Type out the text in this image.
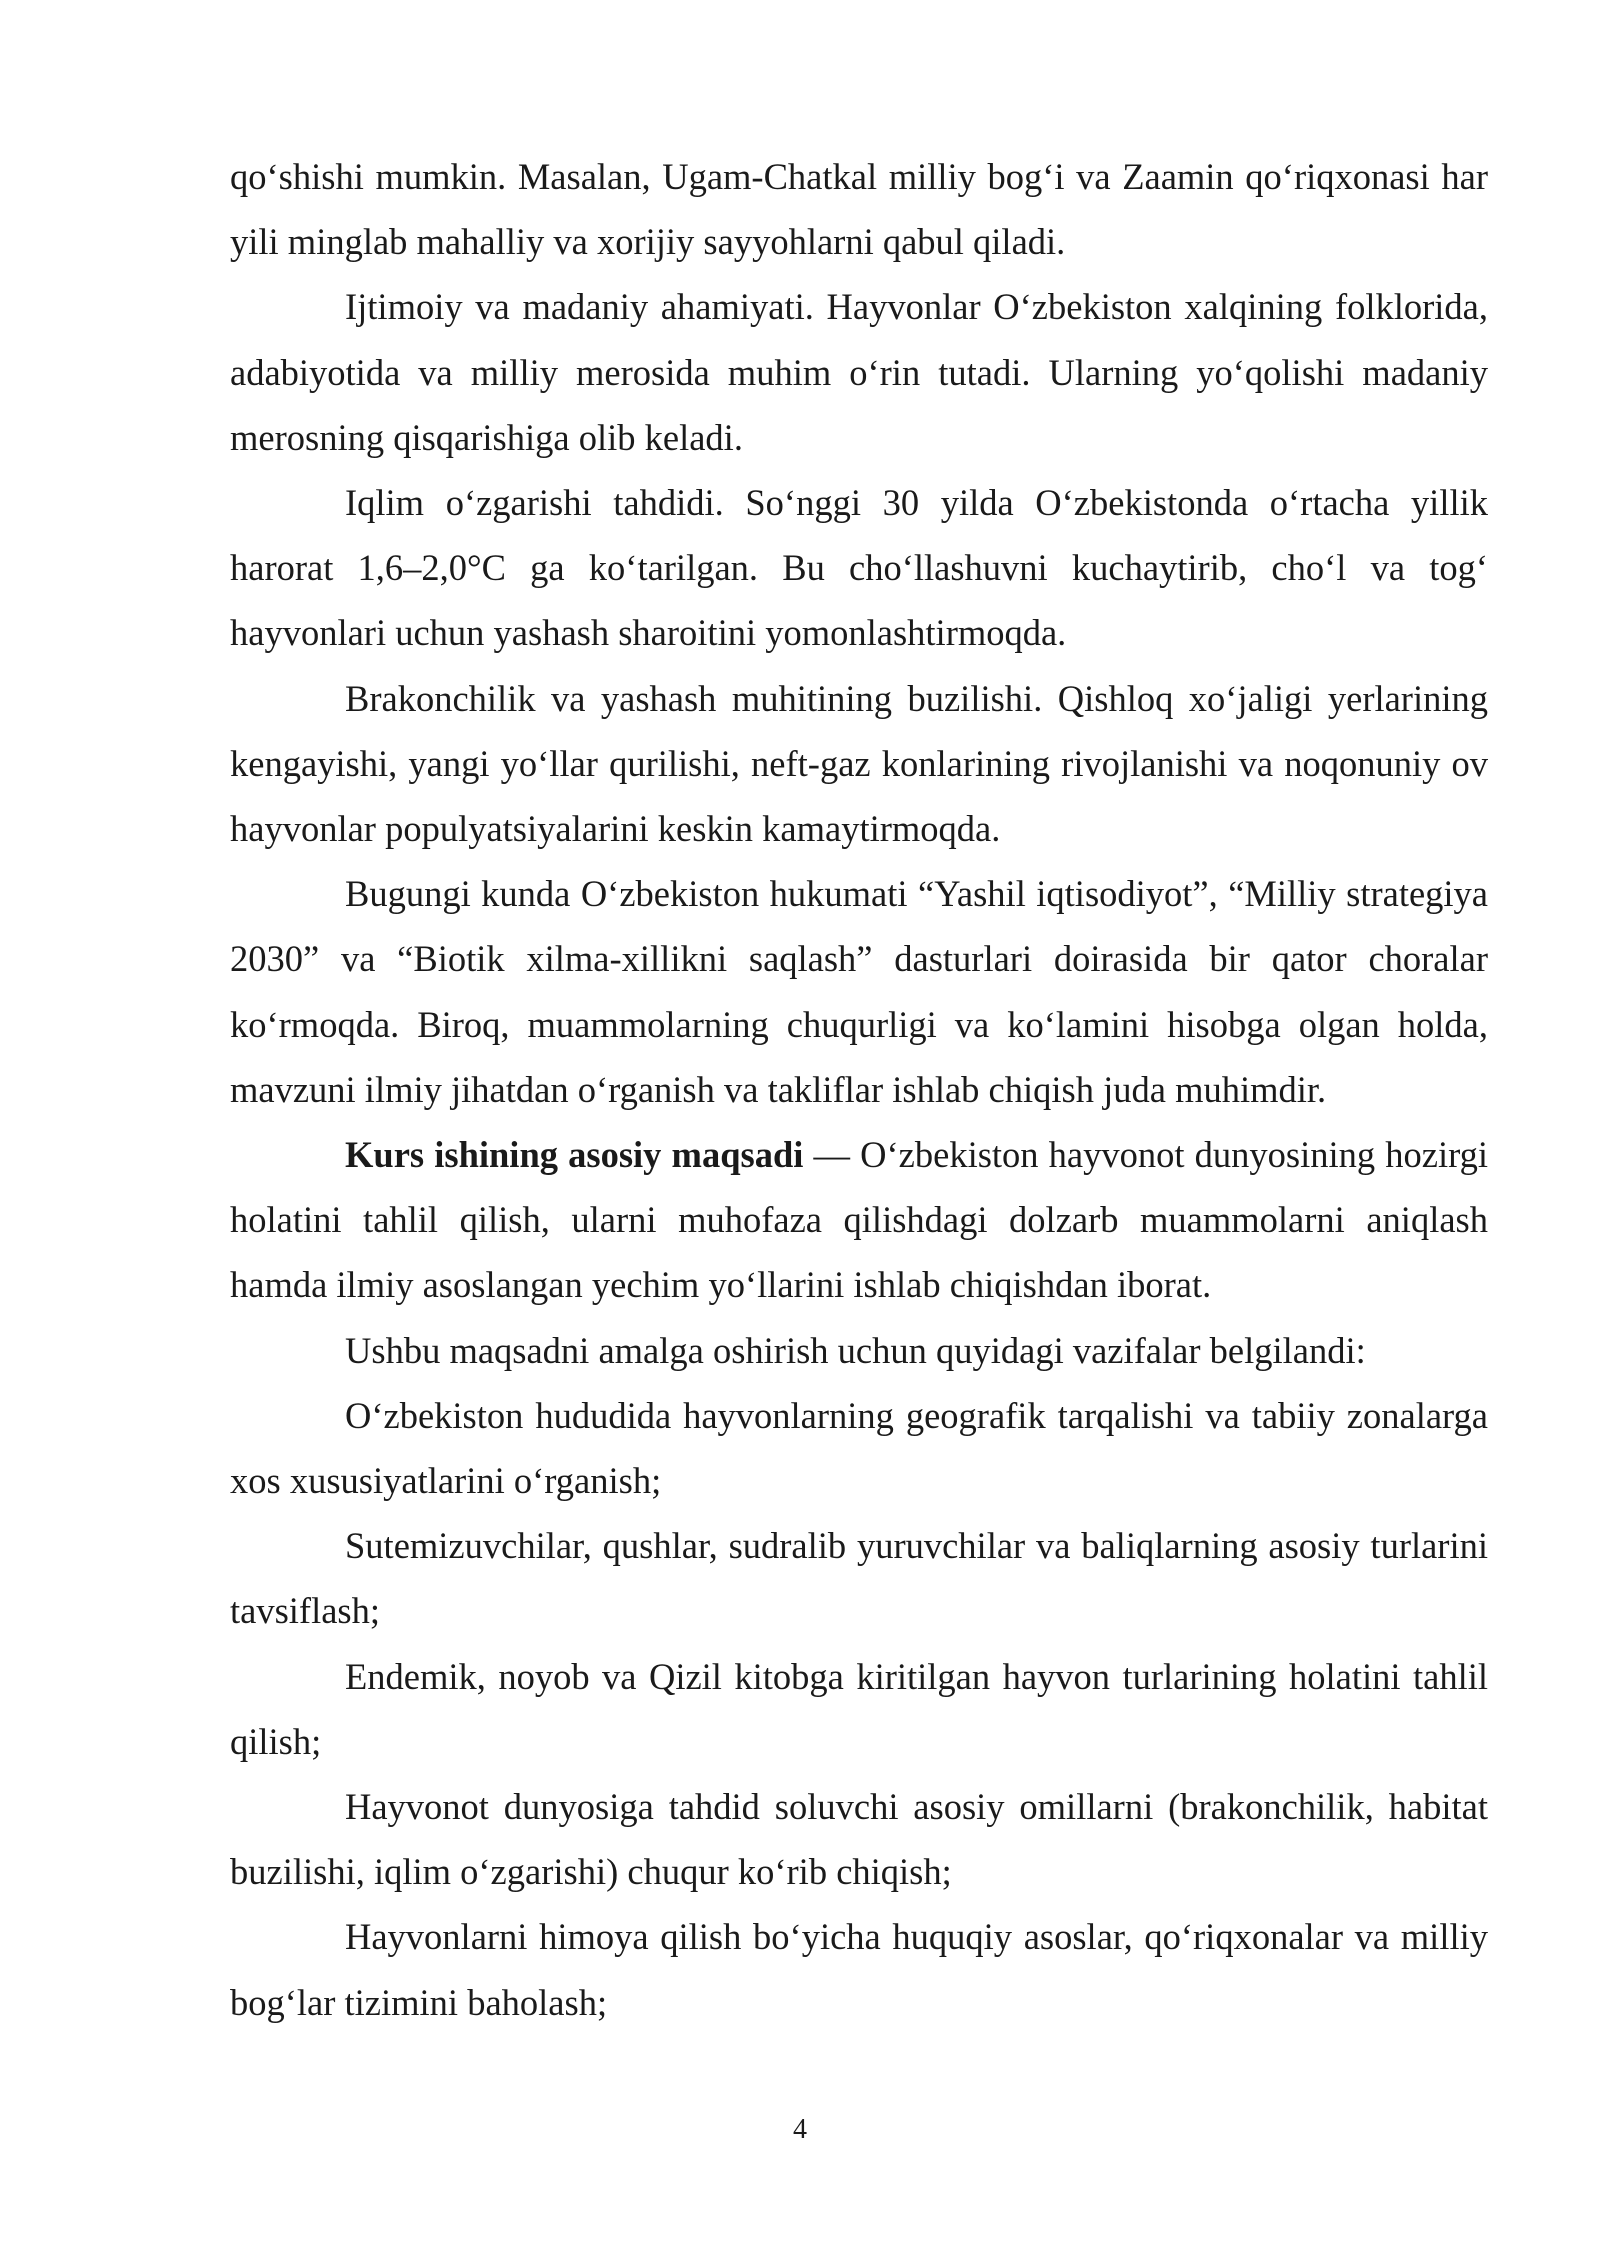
qo‘shishi mumkin. Masalan, Ugam-Chatkal milliy bog‘i va Zaamin qo‘riqxonasi har yili minglab mahalliy va xorijiy sayyohlarni qabul qiladi.

Ijtimoiy va madaniy ahamiyati. Hayvonlar O‘zbekiston xalqining folklorida, adabiyotida va milliy merosida muhim o‘rin tutadi. Ularning yo‘qolishi madaniy merosning qisqarishiga olib keladi.

Iqlim o‘zgarishi tahdidi. So‘nggi 30 yilda O‘zbekistonda o‘rtacha yillik harorat 1,6–2,0°C ga ko‘tarilgan. Bu cho‘llashuvni kuchaytirib, cho‘l va tog‘ hayvonlari uchun yashash sharoitini yomonlashtirmoqda.

Brakonchilik va yashash muhitining buzilishi. Qishloq xo‘jaligi yerlarining kengayishi, yangi yo‘llar qurilishi, neft-gaz konlarining rivojlanishi va noqonuniy ov hayvonlar populyatsiyalarini keskin kamaytirmoqda.

Bugungi kunda O‘zbekiston hukumati “Yashil iqtisodiyot”, “Milliy strategiya 2030” va “Biotik xilma-xillikni saqlash” dasturlari doirasida bir qator choralar ko‘rmoqda. Biroq, muammolarning chuqurligi va ko‘lamini hisobga olgan holda, mavzuni ilmiy jihatdan o‘rganish va takliflar ishlab chiqish juda muhimdir.

Kurs ishining asosiy maqsadi — O‘zbekiston hayvonot dunyosining hozirgi holatini tahlil qilish, ularni muhofaza qilishdagi dolzarb muammolarni aniqlash hamda ilmiy asoslangan yechim yo‘llarini ishlab chiqishdan iborat.

Ushbu maqsadni amalga oshirish uchun quyidagi vazifalar belgilandi:

O‘zbekiston hududida hayvonlarning geografik tarqalishi va tabiiy zonalarga xos xususiyatlarini o‘rganish;

Sutemizuvchilar, qushlar, sudralib yuruvchilar va baliqlarning asosiy turlarini tavsiflash;

Endemik, noyob va Qizil kitobga kiritilgan hayvon turlarining holatini tahlil qilish;

Hayvonot dunyosiga tahdid soluvchi asosiy omillarni (brakonchilik, habitat buzilishi, iqlim o‘zgarishi) chuqur ko‘rib chiqish;

Hayvonlarni himoya qilish bo‘yicha huquqiy asoslar, qo‘riqxonalar va milliy bog‘lar tizimini baholash;

4
